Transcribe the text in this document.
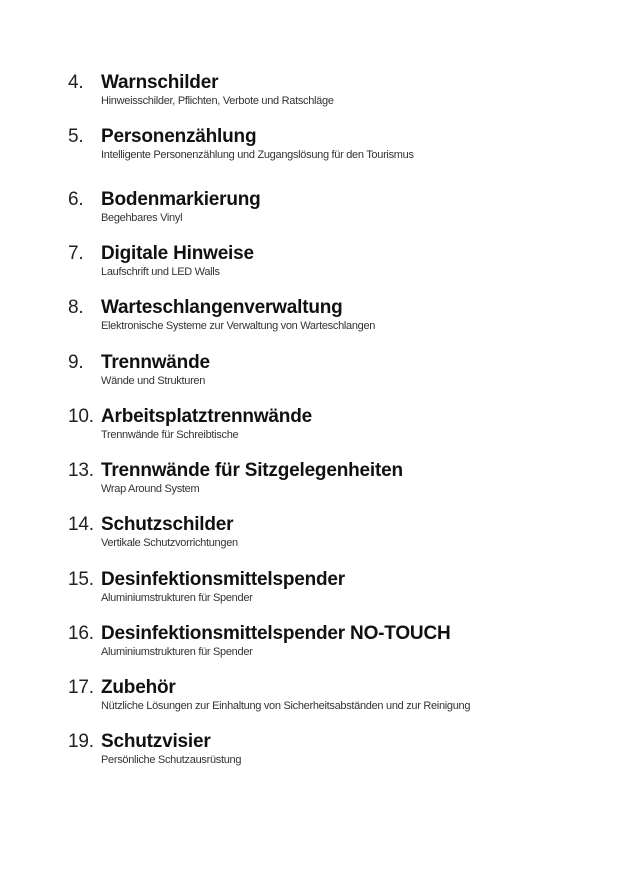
4. Warnschilder
Hinweisschilder, Pflichten, Verbote und Ratschläge
5. Personenzählung
Intelligente Personenzählung und Zugangslösung für den Tourismus
6. Bodenmarkierung
Begehbares Vinyl
7. Digitale Hinweise
Laufschrift und LED Walls
8. Warteschlangenverwaltung
Elektronische Systeme zur Verwaltung von Warteschlangen
9. Trennwände
Wände und Strukturen
10. Arbeitsplatztrennwände
Trennwände für Schreibtische
13. Trennwände für Sitzgelegenheiten
Wrap Around System
14. Schutzschilder
Vertikale Schutzvorrichtungen
15. Desinfektionsmittelspender
Aluminiumstrukturen für Spender
16. Desinfektionsmittelspender NO-TOUCH
Aluminiumstrukturen für Spender
17. Zubehör
Nützliche Lösungen zur Einhaltung von Sicherheitsabständen und zur Reinigung
19. Schutzvisier
Persönliche Schutzausrüstung
